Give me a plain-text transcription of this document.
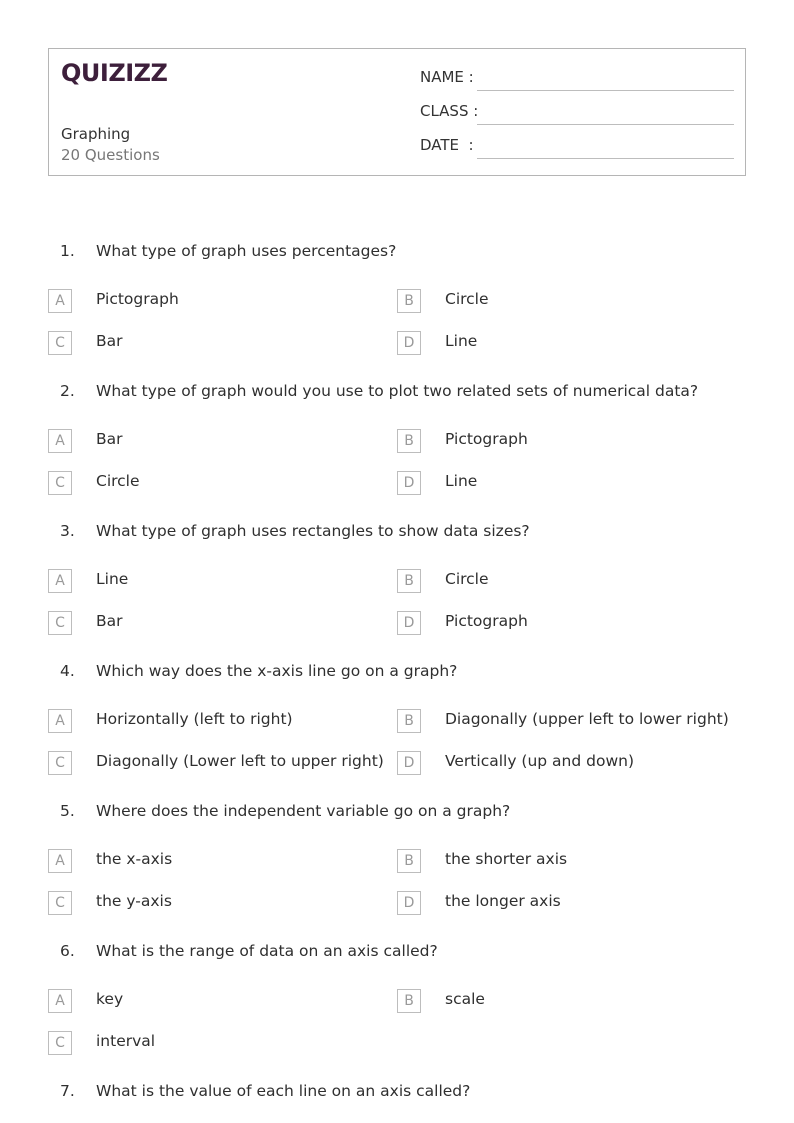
QUIZIZZ
Graphing
20 Questions
NAME :
CLASS :
DATE  :
1. What type of graph uses percentages?
A	Pictograph	B	Circle
C	Bar	D	Line
2. What type of graph would you use to plot two related sets of numerical data?
A	Bar	B	Pictograph
C	Circle	D	Line
3. What type of graph uses rectangles to show data sizes?
A	Line	B	Circle
C	Bar	D	Pictograph
4. Which way does the x-axis line go on a graph?
A	Horizontally (left to right)	B	Diagonally (upper left to lower right)
C	Diagonally (Lower left to upper right)	D	Vertically (up and down)
5. Where does the independent variable go on a graph?
A	the x-axis	B	the shorter axis
C	the y-axis	D	the longer axis
6. What is the range of data on an axis called?
A	key	B	scale
C	interval
7. What is the value of each line on an axis called?
